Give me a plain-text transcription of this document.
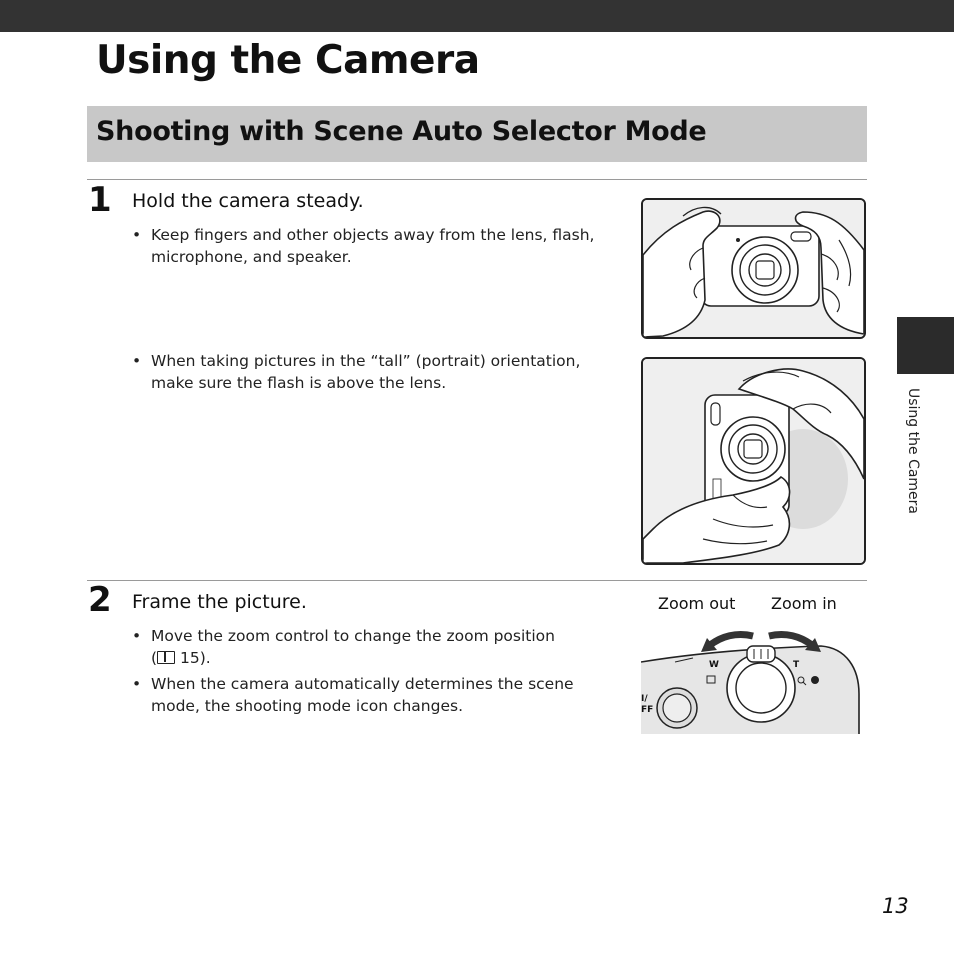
Using the Camera
Shooting with Scene Auto Selector Mode
1 Hold the camera steady.
• Keep fingers and other objects away from the lens, flash, microphone, and speaker.
• When taking pictures in the “tall” (portrait) orientation, make sure the flash is above the lens.
2 Frame the picture.
• Move the zoom control to change the zoom position
( 15).
• When the camera automatically determines the scene mode, the shooting mode icon changes.
Zoom out Zoom in
W	T
I/
FF
Using the Camera
13
